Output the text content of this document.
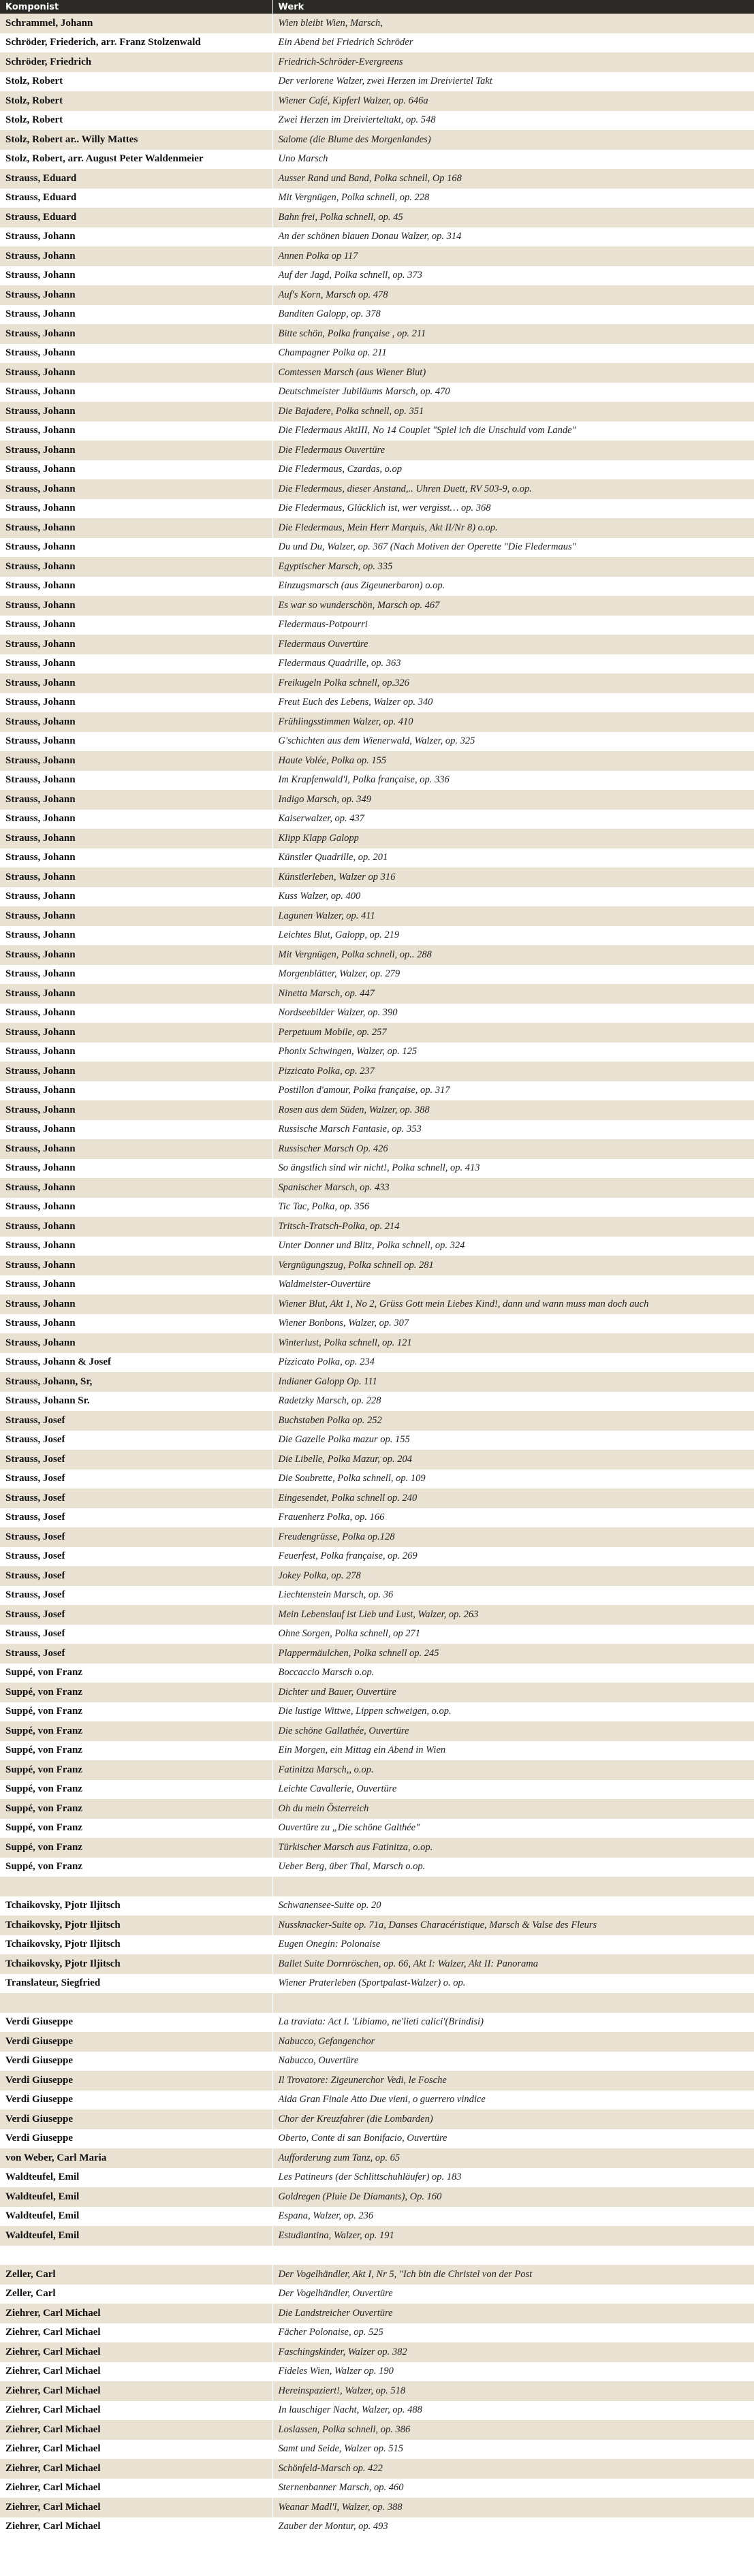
Komponist	Werk
Schrammel, Johann	Wien bleibt Wien, Marsch,
Schröder, Friederich, arr. Franz Stolzenwald	Ein Abend bei Friedrich Schröder
Schröder, Friedrich	Friedrich-Schröder-Evergreens
Stolz, Robert	Der verlorene Walzer, zwei Herzen im Dreiviertel Takt
Stolz, Robert	Wiener Café, Kipferl Walzer, op. 646a
Stolz, Robert	Zwei Herzen im Dreivierteltakt, op. 548
Stolz, Robert ar.. Willy Mattes	Salome (die Blume des Morgenlandes)
Stolz, Robert, arr. August Peter Waldenmeier	Uno Marsch
Strauss, Eduard	Ausser Rand und Band, Polka schnell, Op 168
Strauss, Eduard	Mit Vergnügen, Polka schnell, op. 228
Strauss, Eduard	Bahn frei, Polka schnell, op. 45
Strauss, Johann	An der schönen blauen Donau Walzer, op. 314
Strauss, Johann	Annen Polka op 117
Strauss, Johann	Auf der Jagd, Polka schnell, op. 373
Strauss, Johann	Auf's Korn, Marsch op. 478
Strauss, Johann	Banditen Galopp, op. 378
Strauss, Johann	Bitte schön, Polka française , op. 211
Strauss, Johann	Champagner Polka op. 211
Strauss, Johann	Comtessen Marsch (aus Wiener Blut)
Strauss, Johann	Deutschmeister Jubiläums Marsch, op. 470
Strauss, Johann	Die Bajadere, Polka schnell, op. 351
Strauss, Johann	Die Fledermaus AktIII, No 14 Couplet "Spiel ich die Unschuld vom Lande"
Strauss, Johann	Die Fledermaus Ouvertüre
Strauss, Johann	Die Fledermaus, Czardas, o.op
Strauss, Johann	Die Fledermaus, dieser Anstand,.. Uhren Duett, RV 503-9, o.op.
Strauss, Johann	Die Fledermaus, Glücklich ist, wer vergisst… op. 368
Strauss, Johann	Die Fledermaus, Mein Herr Marquis, Akt II/Nr 8) o.op.
Strauss, Johann	Du und Du, Walzer, op. 367 (Nach Motiven der Operette "Die Fledermaus"
Strauss, Johann	Egyptischer Marsch, op. 335
Strauss, Johann	Einzugsmarsch (aus Zigeunerbaron) o.op.
Strauss, Johann	Es war so wunderschön, Marsch op. 467
Strauss, Johann	Fledermaus-Potpourri
Strauss, Johann	Fledermaus Ouvertüre
Strauss, Johann	Fledermaus Quadrille, op. 363
Strauss, Johann	Freikugeln Polka schnell, op.326
Strauss, Johann	Freut Euch des Lebens, Walzer op. 340
Strauss, Johann	Frühlingsstimmen Walzer, op. 410
Strauss, Johann	G'schichten aus dem Wienerwald, Walzer, op. 325
Strauss, Johann	Haute Volée, Polka op. 155
Strauss, Johann	Im Krapfenwald'l, Polka française, op. 336
Strauss, Johann	Indigo Marsch, op. 349
Strauss, Johann	Kaiserwalzer, op. 437
Strauss, Johann	Klipp Klapp Galopp
Strauss, Johann	Künstler Quadrille, op. 201
Strauss, Johann	Künstlerleben, Walzer op 316
Strauss, Johann	Kuss Walzer, op. 400
Strauss, Johann	Lagunen Walzer, op. 411
Strauss, Johann	Leichtes Blut, Galopp, op. 219
Strauss, Johann	Mit Vergnügen, Polka schnell, op.. 288
Strauss, Johann	Morgenblätter, Walzer, op. 279
Strauss, Johann	Ninetta Marsch, op. 447
Strauss, Johann	Nordseebilder Walzer, op. 390
Strauss, Johann	Perpetuum Mobile, op. 257
Strauss, Johann	Phonix Schwingen, Walzer, op. 125
Strauss, Johann	Pizzicato Polka, op. 237
Strauss, Johann	Postillon d'amour, Polka française, op. 317
Strauss, Johann	Rosen aus dem Süden, Walzer, op. 388
Strauss, Johann	Russische Marsch Fantasie, op. 353
Strauss, Johann	Russischer Marsch Op. 426
Strauss, Johann	So ängstlich sind wir nicht!, Polka schnell, op. 413
Strauss, Johann	Spanischer Marsch, op. 433
Strauss, Johann	Tic Tac, Polka, op. 356
Strauss, Johann	Tritsch-Tratsch-Polka, op. 214
Strauss, Johann	Unter Donner und Blitz, Polka schnell, op. 324
Strauss, Johann	Vergnügungszug, Polka schnell op. 281
Strauss, Johann	Waldmeister-Ouvertüre
Strauss, Johann	Wiener Blut, Akt 1, No 2, Grüss Gott mein Liebes Kind!, dann und wann muss man doch auch
Strauss, Johann	Wiener Bonbons, Walzer, op. 307
Strauss, Johann	Winterlust, Polka schnell, op. 121
Strauss, Johann & Josef	Pizzicato Polka, op. 234
Strauss, Johann, Sr,	Indianer Galopp Op. 111
Strauss, Johann Sr.	Radetzky Marsch, op. 228
Strauss, Josef	Buchstaben Polka op. 252
Strauss, Josef	Die Gazelle Polka mazur op. 155
Strauss, Josef	Die Libelle, Polka Mazur, op. 204
Strauss, Josef	Die Soubrette, Polka schnell, op. 109
Strauss, Josef	Eingesendet, Polka schnell op. 240
Strauss, Josef	Frauenherz Polka, op. 166
Strauss, Josef	Freudengrüsse, Polka op.128
Strauss, Josef	Feuerfest, Polka française, op. 269
Strauss, Josef	Jokey Polka, op. 278
Strauss, Josef	Liechtenstein Marsch, op. 36
Strauss, Josef	Mein Lebenslauf ist Lieb und Lust, Walzer, op. 263
Strauss, Josef	Ohne Sorgen, Polka schnell, op 271
Strauss, Josef	Plappermäulchen, Polka schnell op. 245
Suppé, von Franz	Boccaccio Marsch o.op.
Suppé, von Franz	Dichter und Bauer, Ouvertüre
Suppé, von Franz	Die lustige Wittwe, Lippen schweigen, o.op.
Suppé, von Franz	Die schöne Gallathée, Ouvertüre
Suppé, von Franz	Ein Morgen, ein Mittag ein Abend in Wien
Suppé, von Franz	Fatinitza Marsch,, o.op.
Suppé, von Franz	Leichte Cavallerie, Ouvertüre
Suppé, von Franz	Oh du mein Österreich
Suppé, von Franz	Ouvertüre zu „Die schöne Galthée"
Suppé, von Franz	Türkischer Marsch aus Fatinitza, o.op.
Suppé, von Franz	Ueber Berg, über Thal, Marsch o.op.

Tchaikovsky, Pjotr Iljitsch	Schwanensee-Suite op. 20
Tchaikovsky, Pjotr Iljitsch	Nussknacker-Suite op. 71a, Danses Characéristique, Marsch & Valse des Fleurs
Tchaikovsky, Pjotr Iljitsch	Eugen Onegin: Polonaise
Tchaikovsky, Pjotr Iljitsch	Ballet Suite Dornröschen, op. 66, Akt I: Walzer, Akt II: Panorama
Translateur, Siegfried	Wiener Praterleben (Sportpalast-Walzer) o. op.

Verdi Giuseppe	La traviata: Act I. 'Libiamo, ne'lieti calici'(Brindisi)
Verdi Giuseppe	Nabucco, Gefangenchor
Verdi Giuseppe	Nabucco, Ouvertüre
Verdi Giuseppe	Il Trovatore: Zigeunerchor Vedi, le Fosche
Verdi Giuseppe	Aida Gran Finale Atto Due vieni, o guerrero vindice
Verdi Giuseppe	Chor der Kreuzfahrer (die Lombarden)
Verdi Giuseppe	Oberto, Conte di san Bonifacio, Ouvertüre
von Weber, Carl Maria	Aufforderung zum Tanz, op. 65
Waldteufel, Emil	Les Patineurs (der Schlittschuhläufer) op. 183
Waldteufel, Emil	Goldregen (Pluie De Diamants), Op. 160
Waldteufel, Emil	Espana, Walzer, op. 236
Waldteufel, Emil	Estudiantina, Walzer, op. 191

Zeller, Carl	Der Vogelhändler, Akt I, Nr 5, "Ich bin die Christel von der Post
Zeller, Carl	Der Vogelhändler, Ouvertüre
Ziehrer, Carl Michael	Die Landstreicher Ouvertüre
Ziehrer, Carl Michael	Fächer Polonaise, op. 525
Ziehrer, Carl Michael	Faschingskinder, Walzer op. 382
Ziehrer, Carl Michael	Fideles Wien, Walzer op. 190
Ziehrer, Carl Michael	Hereinspaziert!, Walzer, op. 518
Ziehrer, Carl Michael	In lauschiger Nacht, Walzer, op. 488
Ziehrer, Carl Michael	Loslassen, Polka schnell, op. 386
Ziehrer, Carl Michael	Samt und Seide, Walzer op. 515
Ziehrer, Carl Michael	Schönfeld-Marsch op. 422
Ziehrer, Carl Michael	Sternenbanner Marsch, op. 460
Ziehrer, Carl Michael	Weanar Madl'l, Walzer, op. 388
Ziehrer, Carl Michael	Zauber der Montur, op. 493
